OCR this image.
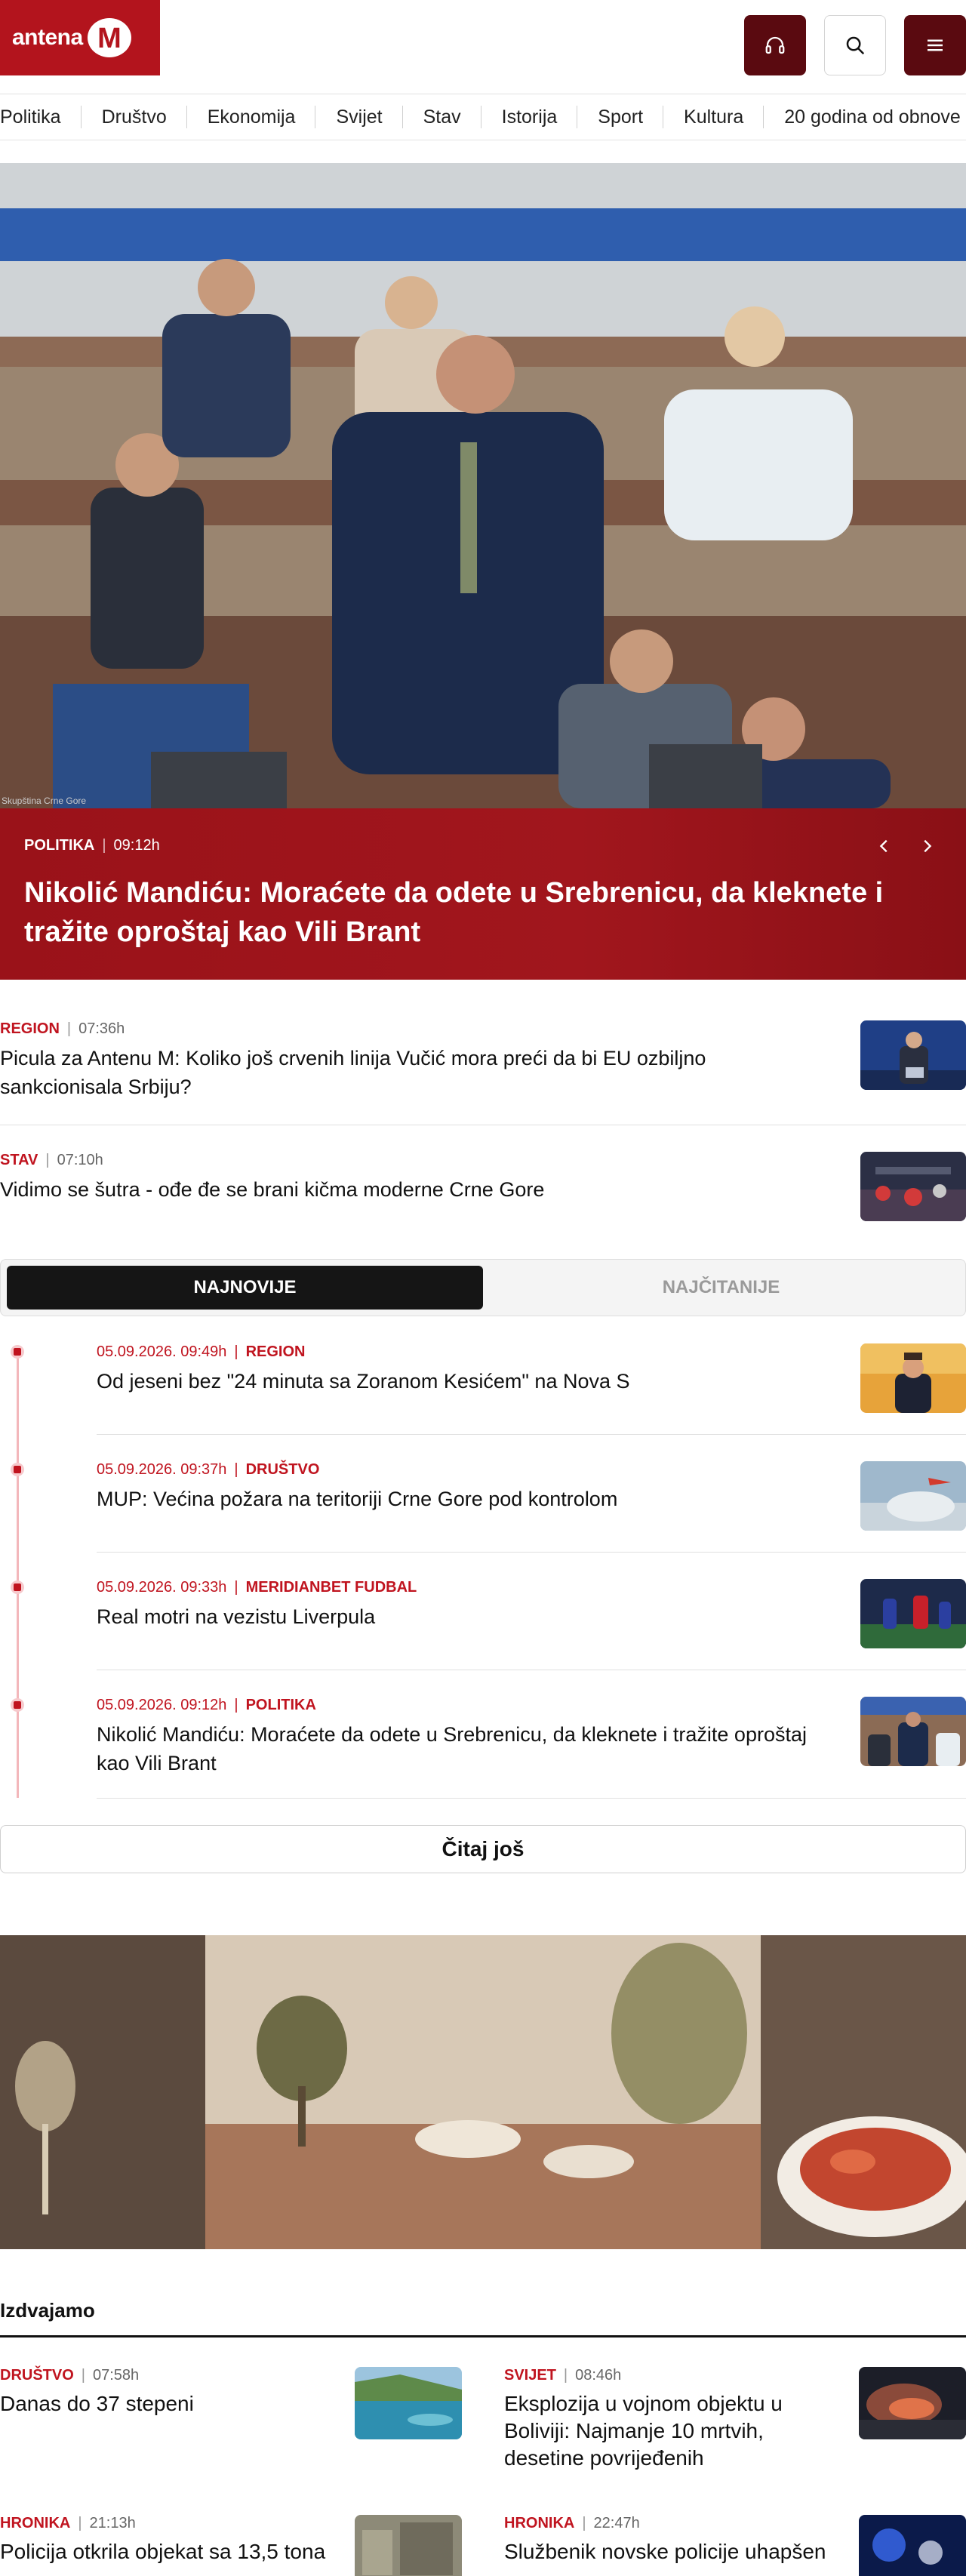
antena M
Politika	Društvo	Ekonomija	Svijet	Stav	Istorija	Sport	Kultura	20 godina od obnove
Skupština Crne Gore
POLITIKA | 09:12h
Nikolić Mandiću: Moraćete da odete u Srebrenicu, da kleknete i tražite oproštaj kao Vili Brant
REGION | 07:36h
Picula za Antenu M: Koliko još crvenih linija Vučić mora preći da bi EU ozbiljno sankcionisala Srbiju?
STAV | 07:10h
Vidimo se šutra - ođe đe se brani kičma moderne Crne Gore
NAJNOVIJE	NAJČITANIJE
05.09.2026. 09:49h | REGION
Od jeseni bez "24 minuta sa Zoranom Kesićem" na Nova S
05.09.2026. 09:37h | DRUŠTVO
MUP: Većina požara na teritoriji Crne Gore pod kontrolom
05.09.2026. 09:33h | MERIDIANBET FUDBAL
Real motri na vezistu Liverpula
05.09.2026. 09:12h | POLITIKA
Nikolić Mandiću: Moraćete da odete u Srebrenicu, da kleknete i tražite oproštaj kao Vili Brant
Čitaj još
Izdvajamo
DRUŠTVO | 07:58h
Danas do 37 stepeni
SVIJET | 08:46h
Eksplozija u vojnom objektu u Boliviji: Najmanje 10 mrtvih, desetine povrijeđenih
HRONIKA | 21:13h
Policija otkrila objekat sa 13,5 tona
HRONIKA | 22:47h
Službenik novske policije uhapšen
